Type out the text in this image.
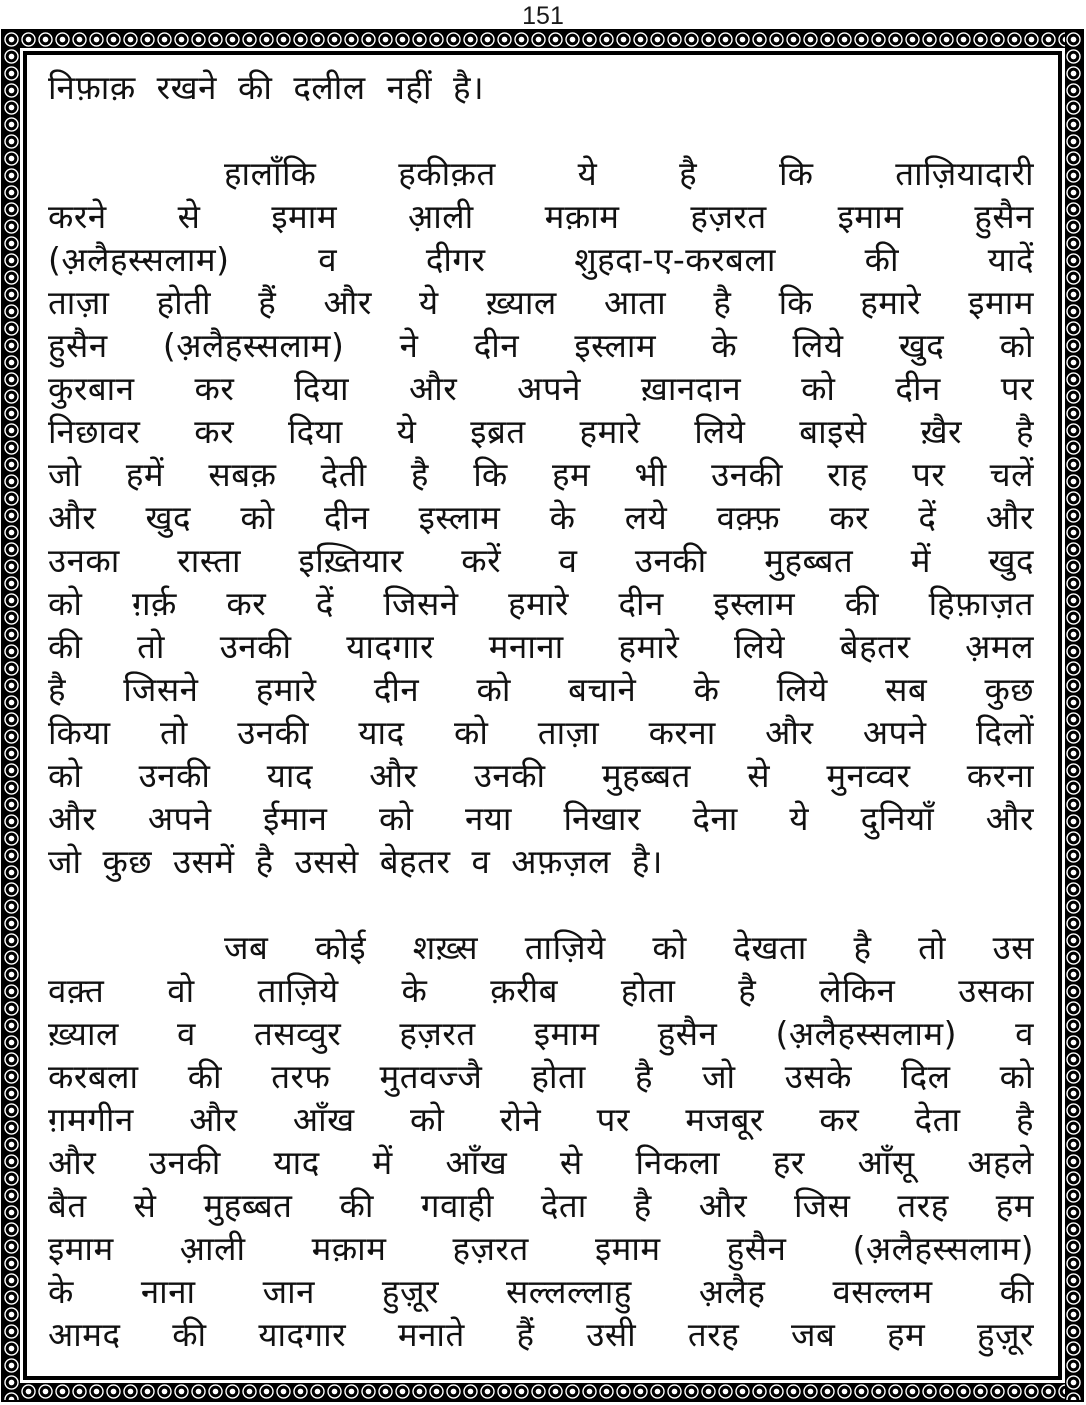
151
निफ़ाक़ रखने की दलील नहीं है।
हालाँकि हकीक़त ये है कि ताज़ियादारी
करने से इमाम अ़ाली मक़ाम हज़रत इमाम हुसैन
(अ़लैहस्सलाम) व दीगर शुहदा-ए-करबला की यादें
ताज़ा होती हैं और ये ख़्याल आता है कि हमारे इमाम
हुसैन (अ़लैहस्सलाम) ने दीन इस्लाम के लिये खुद को
कुरबान कर दिया और अपने ख़ानदान को दीन पर
निछावर कर दिया ये इब्रत हमारे लिये बाइसे ख़ैर है
जो हमें सबक़ देती है कि हम भी उनकी राह पर चलें
और खुद को दीन इस्लाम के लये वक़्फ़ कर दें और
उनका रास्ता इख़्तियार करें व उनकी मुहब्बत में खुद
को ग़र्क़ कर दें जिसने हमारे दीन इस्लाम की हिफ़ाज़त
की तो उनकी यादगार मनाना हमारे लिये बेहतर अ़मल
है जिसने हमारे दीन को बचाने के लिये सब कुछ
किया तो उनकी याद को ताज़ा करना और अपने दिलों
को उनकी याद और उनकी मुहब्बत से मुनव्वर करना
और अपने ईमान को नया निखार देना ये दुनियाँ और
जो कुछ उसमें है उससे बेहतर व अफ़ज़ल है।
जब कोई शख़्स ताज़िये को देखता है तो उस
वक़्त वो ताज़िये के क़रीब होता है लेकिन उसका
ख़्याल व तसव्वुर हज़रत इमाम हुसैन (अ़लैहस्सलाम) व
करबला की तरफ मुतवज्जै होता है जो उसके दिल को
ग़मगीन और आँख को रोने पर मजबूर कर देता है
और उनकी याद में आँख से निकला हर आँसू अहले
बैत से मुहब्बत की गवाही देता है और जिस तरह हम
इमाम अ़ाली मक़ाम हज़रत इमाम हुसैन (अ़लैहस्सलाम)
के नाना जान हुज़ूर सल्लल्लाहु अ़लैह वसल्लम की
आमद की यादगार मनाते हैं उसी तरह जब हम हुज़ूर
